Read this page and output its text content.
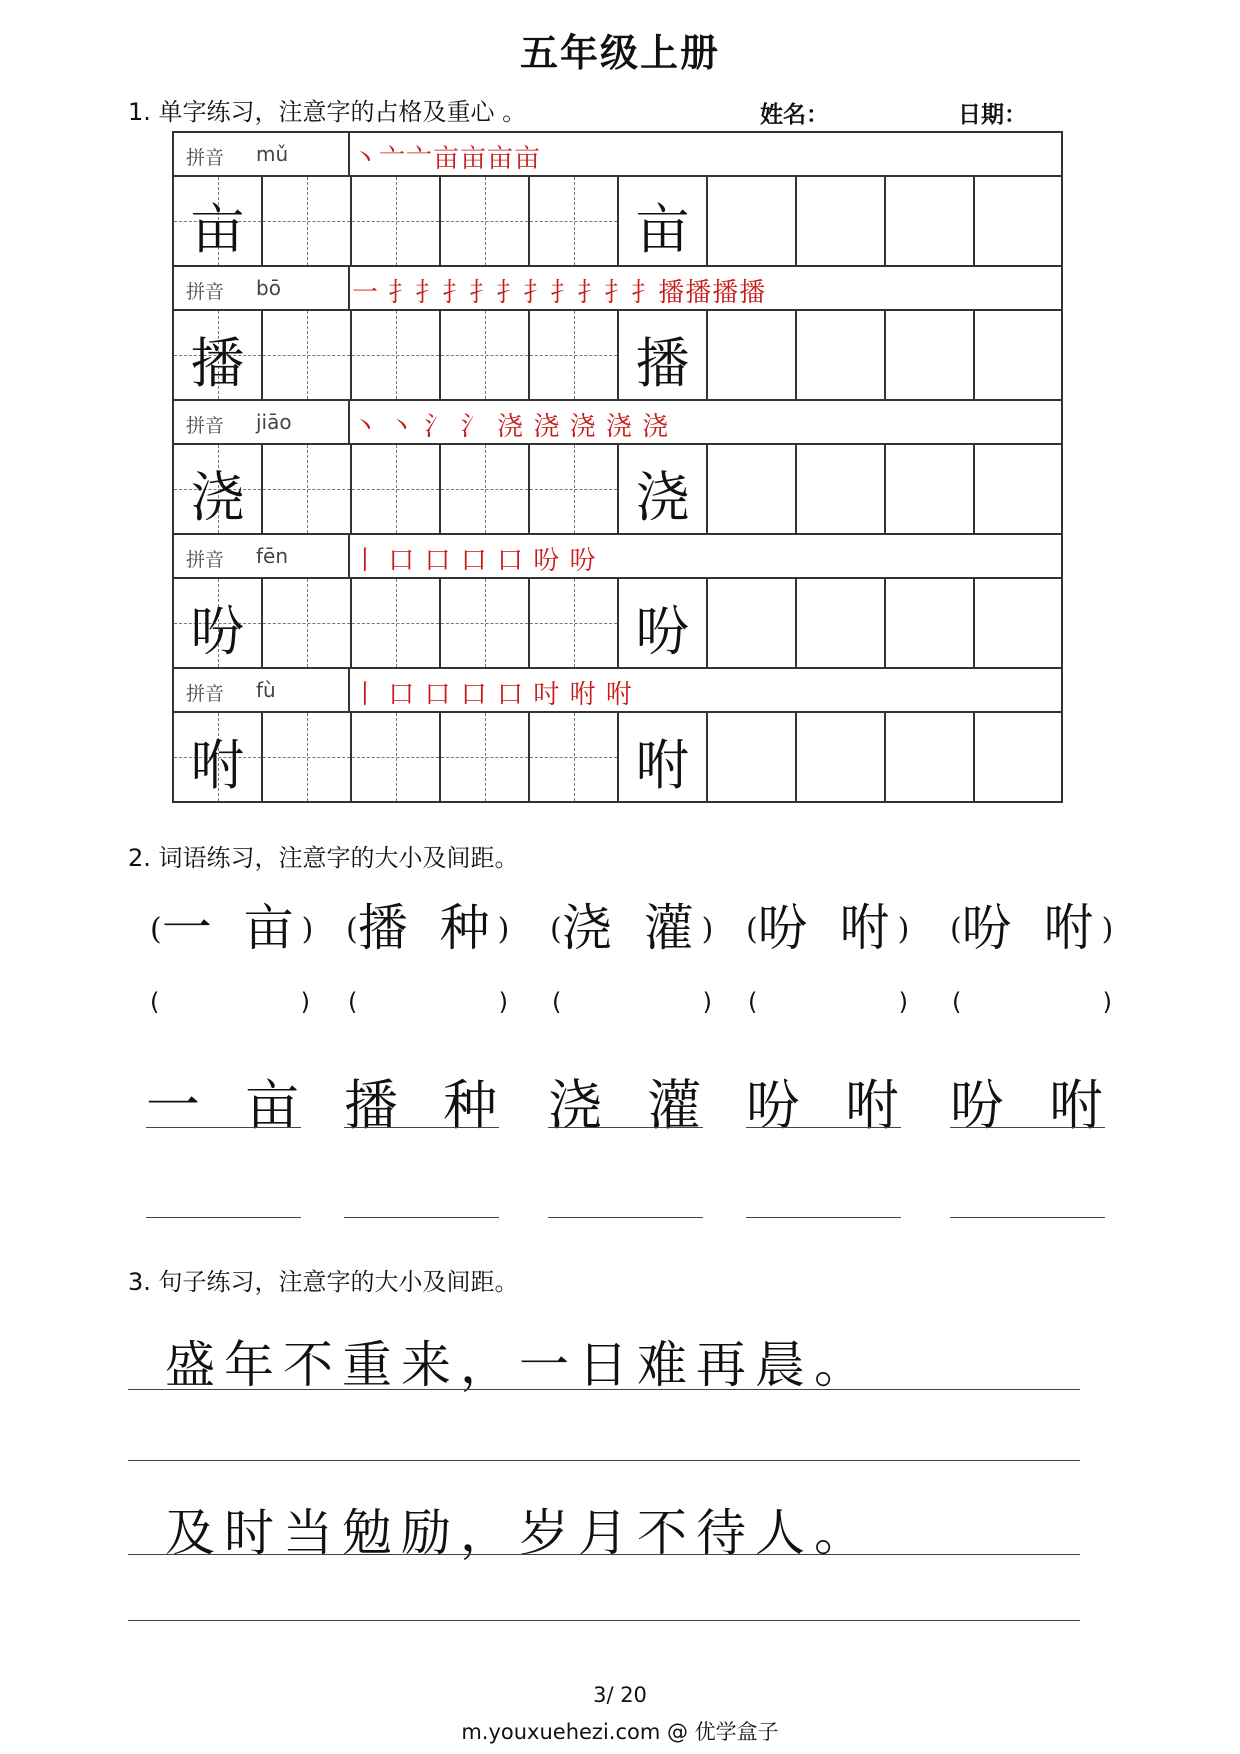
五年级上册
1. 单字练习，注意字的占格及重心 。	姓名：	日期：
拼音 mǔ 丶亠亠亩亩亩亩
亩	亩
拼音 bō	一 扌扌扌扌扌扌扌扌扌扌播播播播
播	播
拼音 jiāo 丶 丶 氵 氵 浇 浇 浇 浇 浇
浇	浇
拼音 fēn 丨 口 口 口 口 吩 吩
吩	吩
拼音 fù	丨 口 口 口 口 吋 咐 咐
咐	咐
2. 词语练习，注意字的大小及间距。
(一 亩) (播 种) (浇 灌) (吩 咐) (吩 咐)
(	) (	) (	) (	) (	)
一 亩 播 种 浇 灌 吩 咐 吩 咐
3. 句子练习，注意字的大小及间距。
盛年不重来，一日难再晨。
及时当勉励，岁月不待人。
3/ 20
m.youxuehezi.com @ 优学盒子
